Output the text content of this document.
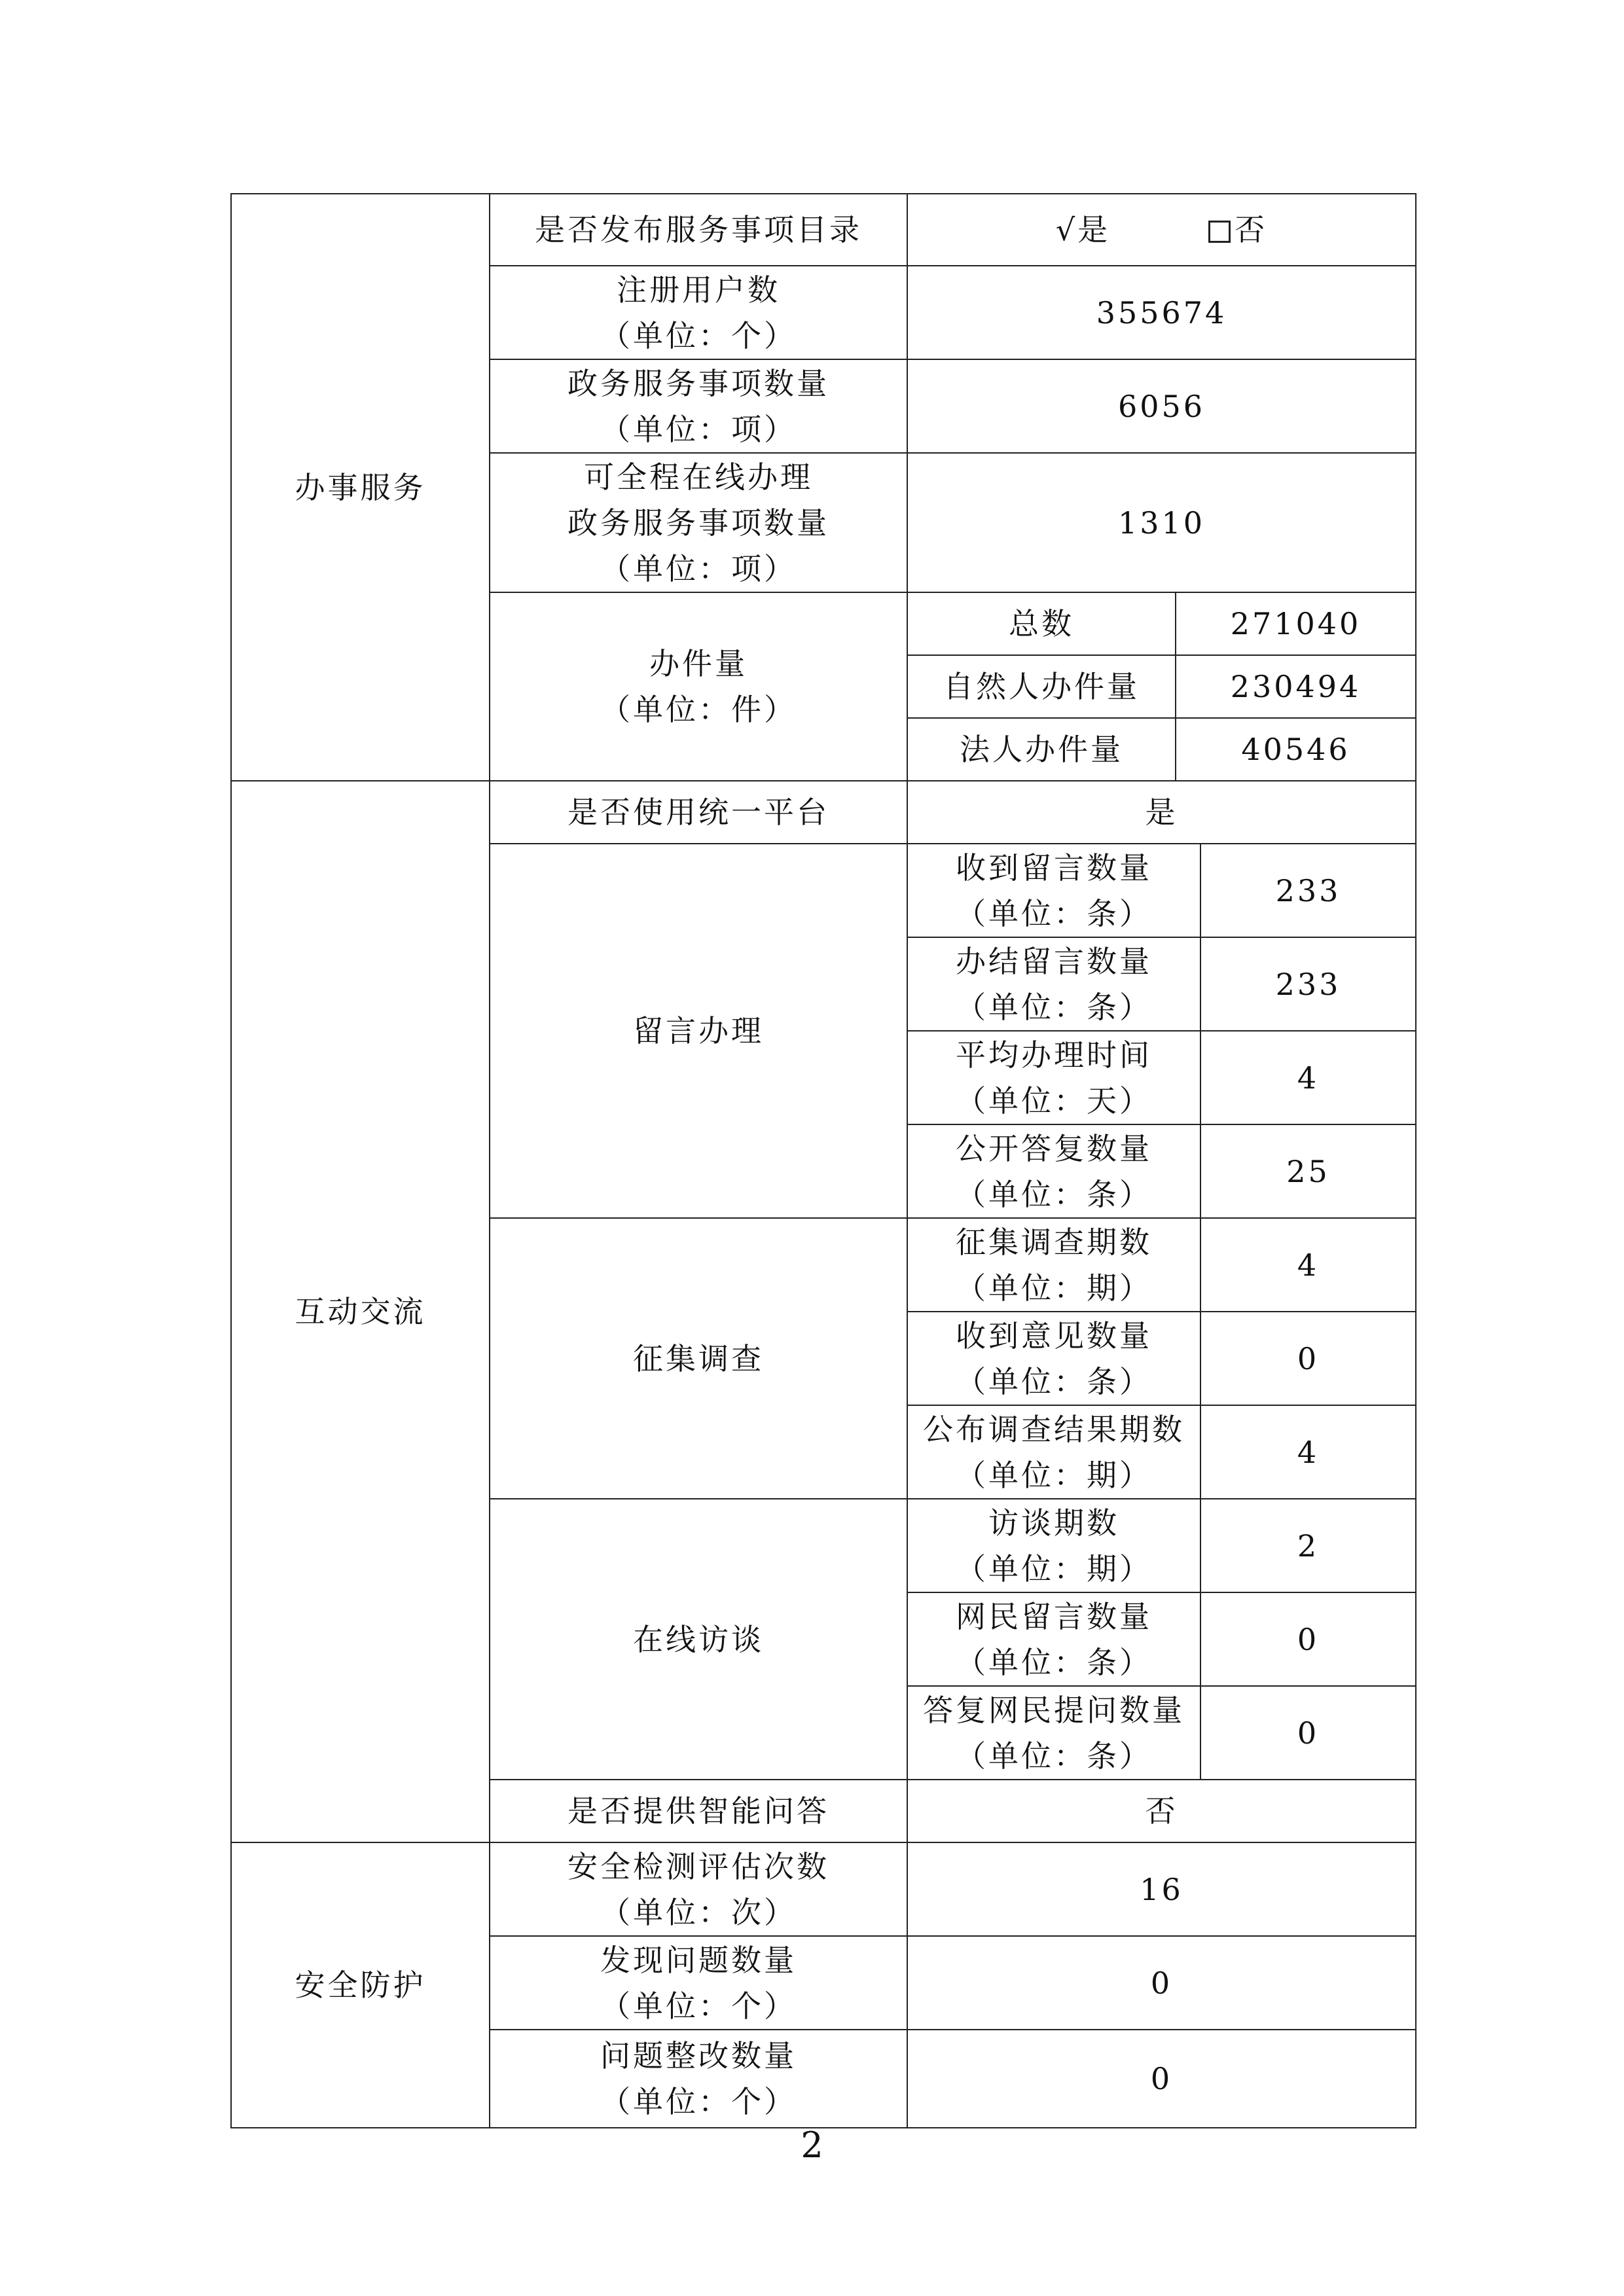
办事服务	是否发布服务事项目录	√是 否		

	注册用户数
（单位：个）	355674		

	政务服务事项数量
（单位：项）	6056		

	可全程在线办理
政务服务事项数量
（单位：项）	1310		

	办件量
（单位：件）	总数	271040	
		自然人办件量	230494	
		法人办件量	40546	
互动交流	是否使用统一平台	是		
	留言办理	收到留言数量
（单位：条）		233

		办结留言数量
（单位：条）		233

		平均办理时间
（单位：天）		4

		公开答复数量
（单位：条）		25
	征集调查	征集调查期数
（单位：期）		4

		收到意见数量
（单位：条）		0

		公布调查结果期数
（单位：期）		4
	在线访谈	访谈期数
（单位：期）		2

		网民留言数量
（单位：条）		0

		答复网民提问数量
（单位：条）		0
	是否提供智能问答	否		
安全防护	安全检测评估次数
（单位：次）	16		

	发现问题数量
（单位：个）	0		

	问题整改数量
（单位：个）	0		
2
